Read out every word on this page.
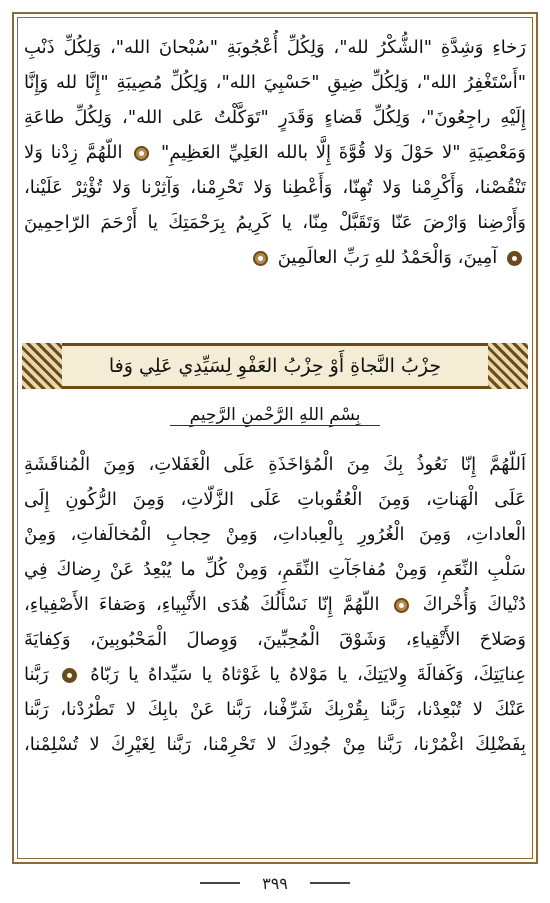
رَخاءِ وَشِدَّةِ "الشُّكْرُ لله"، وَلِكُلِّ أُعْجُوبَةِ "سُبْحانَ الله"، وَلِكُلِّ ذَنْبِ
"أَسْتَغْفِرُ الله"، وَلِكُلِّ ضِيقِ "حَسْبِيَ الله"، وَلِكُلِّ مُصِيبَةِ "إِنَّا لله وَإِنَّا
إِلَيْهِ راجِعُونَ"، وَلِكُلِّ قَضاءٍ وَقَدَرٍ "تَوَكَّلْتُ عَلى الله"، وَلِكُلِّ طاعَةِ
وَمَعْصِيَةِ "لا حَوْلَ وَلا قُوَّةَ إِلَّا بالله العَلِيِّ العَظِيمِ"  اللّهُمَّ زِدْنا وَلا
تَنْقُصْنا، وَأَكْرِمْنا وَلا تُهِنّا، وَأَعْطِنا وَلا تَحْرِمْنا، وَآثِرْنا وَلا تُؤْثِرْ عَلَيْنا،
وَأَرْضِنا وَارْضَ عَنّا وَتَقَبَّلْ مِنّا، يا كَرِيمُ بِرَحْمَتِكَ يا أَرْحَمَ الرّاحِمِينَ
آمِينَ، وَالْحَمْدُ للهِ رَبِّ العالَمِينَ
حِزْبُ النَّجاةِ أَوْ حِزْبُ العَفْوِ لِسَيِّدِي عَلِي وَفا
بِسْمِ اللهِ الرَّحْمنِ الرَّحِيمِ
اَللّهُمَّ إِنّا نَعُوذُ بِكَ مِنَ الْمُؤاخَذَةِ عَلَى الْغَفَلاتِ، وَمِنَ الْمُناقَشَةِ
عَلَى الْهَناتِ، وَمِنَ الْعُقُوباتِ عَلَى الزَّلّاتِ، وَمِنَ الرُّكُونِ إِلَى
الْعاداتِ، وَمِنَ الْغُرُورِ بِالْعِباداتِ، وَمِنْ حِجابِ الْمُخالَفاتِ، وَمِنْ
سَلْبِ النِّعَمِ، وَمِنْ مُفاجَآتِ النِّقَمِ، وَمِنْ كُلِّ ما يُبْعِدُ عَنْ رِضاكَ فِي
دُنْياكَ وَأُخْراكَ  اللّهُمَّ إِنّا نَسْأَلُكَ هُدَى الأَنْبِياءِ، وَصَفاءَ الأَصْفِياءِ،
وَصَلاحَ الأَتْقِياءِ، وَشَوْقَ الْمُحِبِّينَ، وَوِصالَ الْمَحْبُوبِينَ، وَكِفايَةَ
عِنايَتِكَ، وَكَفالَةَ وِلايَتِكَ، يا مَوْلاهُ يا غَوْثاهُ يا سَيِّداهُ يا رَبّاهُ  رَبَّنا
عَنْكَ لا تُبْعِدْنا، رَبَّنا بِقُرْبِكَ شَرِّفْنا، رَبَّنا عَنْ بابِكَ لا تَطْرُدْنا، رَبَّنا
بِفَضْلِكَ اغْمُرْنا، رَبَّنا مِنْ جُودِكَ لا تَحْرِمْنا، رَبَّنا لِغَيْرِكَ لا تُسْلِمْنا،
٣٩٩
